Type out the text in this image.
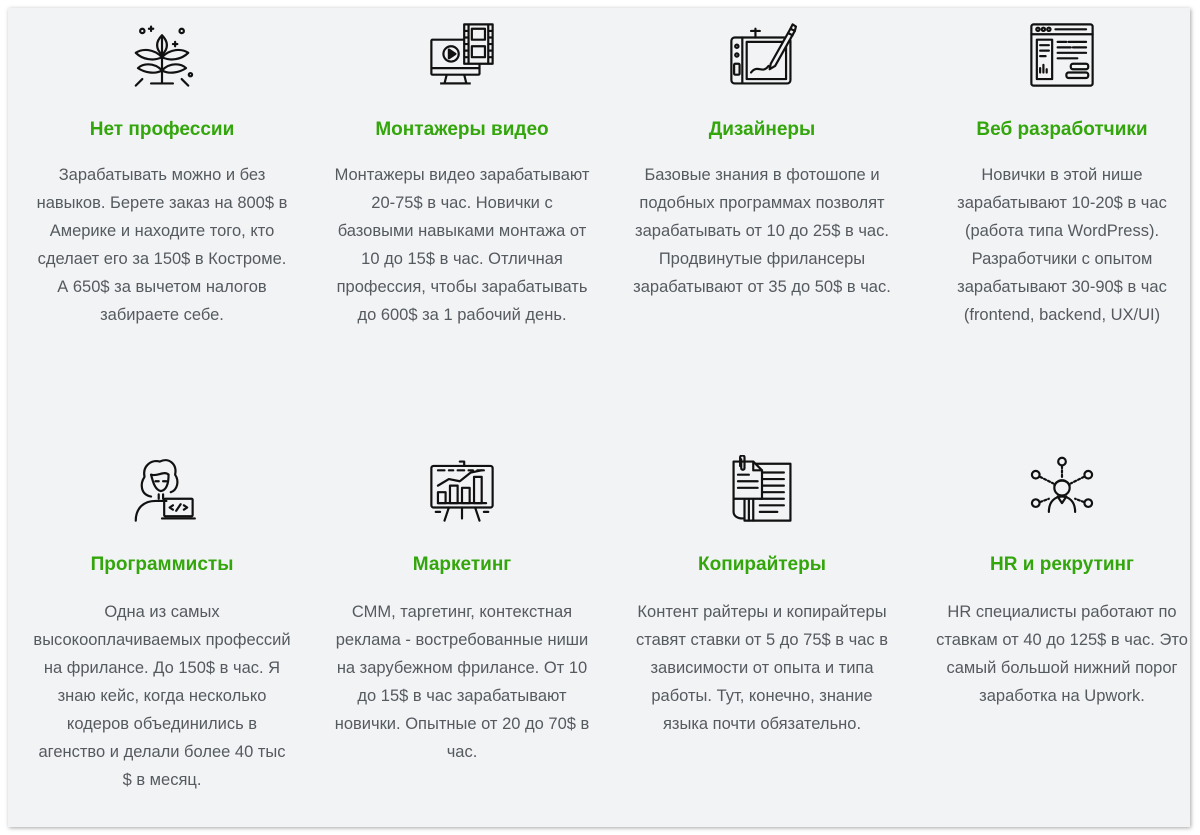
Нет профессии

Зарабатывать можно и без навыков. Берете заказ на 800$ в Америке и находите того, кто сделает его за 150$ в Костроме. А 650$ за вычетом налогов забираете себе.

Монтажеры видео

Монтажеры видео зарабатывают 20-75$ в час. Новички с базовыми навыками монтажа от 10 до 15$ в час. Отличная профессия, чтобы зарабатывать до 600$ за 1 рабочий день.

Дизайнеры

Базовые знания в фотошопе и подобных программах позволят зарабатывать от 10 до 25$ в час. Продвинутые фрилансеры зарабатывают от 35 до 50$ в час.

Веб разработчики

Новички в этой нише зарабатывают 10-20$ в час (работа типа WordPress). Разработчики с опытом зарабатывают 30-90$ в час (frontend, backend, UX/UI)

Программисты

Одна из самых высокооплачиваемых профессий на фрилансе. До 150$ в час. Я знаю кейс, когда несколько кодеров объединились в агенство и делали более 40 тыс $ в месяц.

Маркетинг

СММ, таргетинг, контекстная реклама - востребованные ниши на зарубежном фрилансе. От 10 до 15$ в час зарабатывают новички. Опытные от 20 до 70$ в час.

Копирайтеры

Контент райтеры и копирайтеры ставят ставки от 5 до 75$ в час в зависимости от опыта и типа работы. Тут, конечно, знание языка почти обязательно.

HR и рекрутинг

HR специалисты работают по ставкам от 40 до 125$ в час. Это самый большой нижний порог заработка на Upwork.
